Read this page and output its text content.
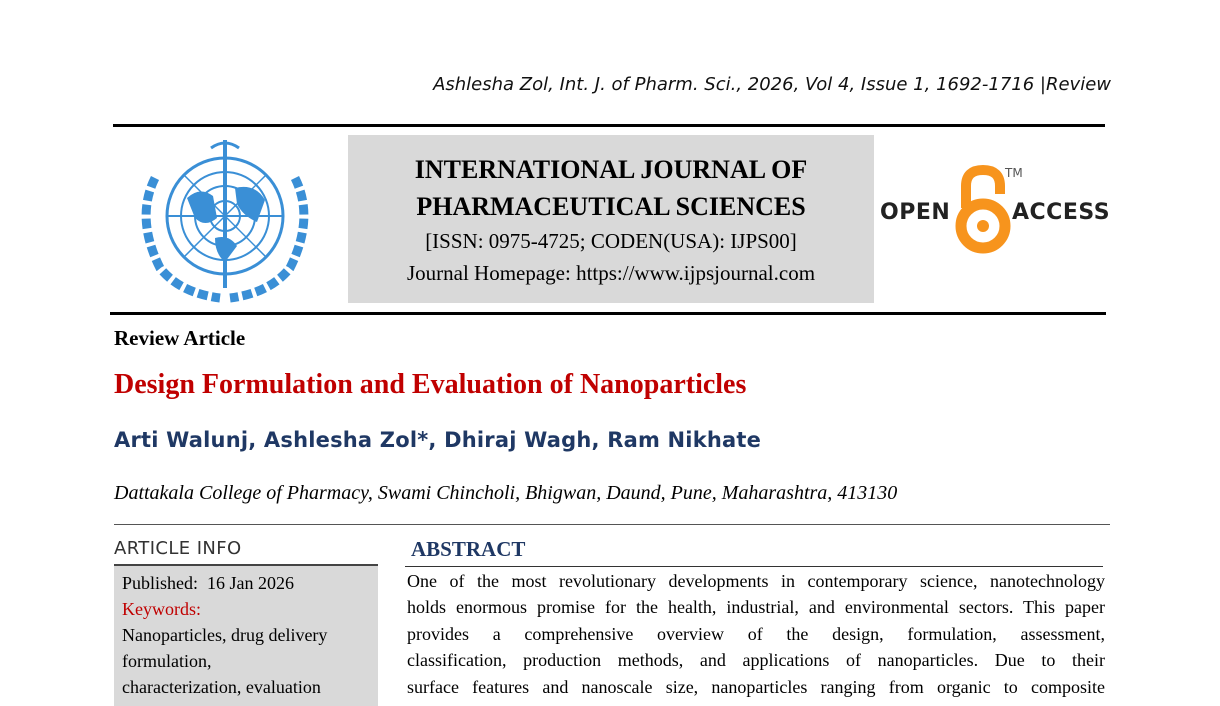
Ashlesha Zol, Int. J. of Pharm. Sci., 2026, Vol 4, Issue 1, 1692-1716 |Review
INTERNATIONAL JOURNAL OF
PHARMACEUTICAL SCIENCES
[ISSN: 0975-4725; CODEN(USA): IJPS00]
Journal Homepage: https://www.ijpsjournal.com
OPEN
TM
ACCESS
Review Article
Design Formulation and Evaluation of Nanoparticles
Arti Walunj, Ashlesha Zol*, Dhiraj Wagh, Ram Nikhate
Dattakala College of Pharmacy, Swami Chincholi, Bhigwan, Daund, Pune, Maharashtra, 413130
ARTICLE INFO
Published: 16 Jan 2026
Keywords:
Nanoparticles, drug delivery
formulation,
characterization, evaluation
ABSTRACT
One of the most revolutionary developments in contemporary science, nanotechnology
holds enormous promise for the health, industrial, and environmental sectors. This paper
provides a comprehensive overview of the design, formulation, assessment,
classification, production methods, and applications of nanoparticles. Due to their
surface features and nanoscale size, nanoparticles ranging from organic to composite
